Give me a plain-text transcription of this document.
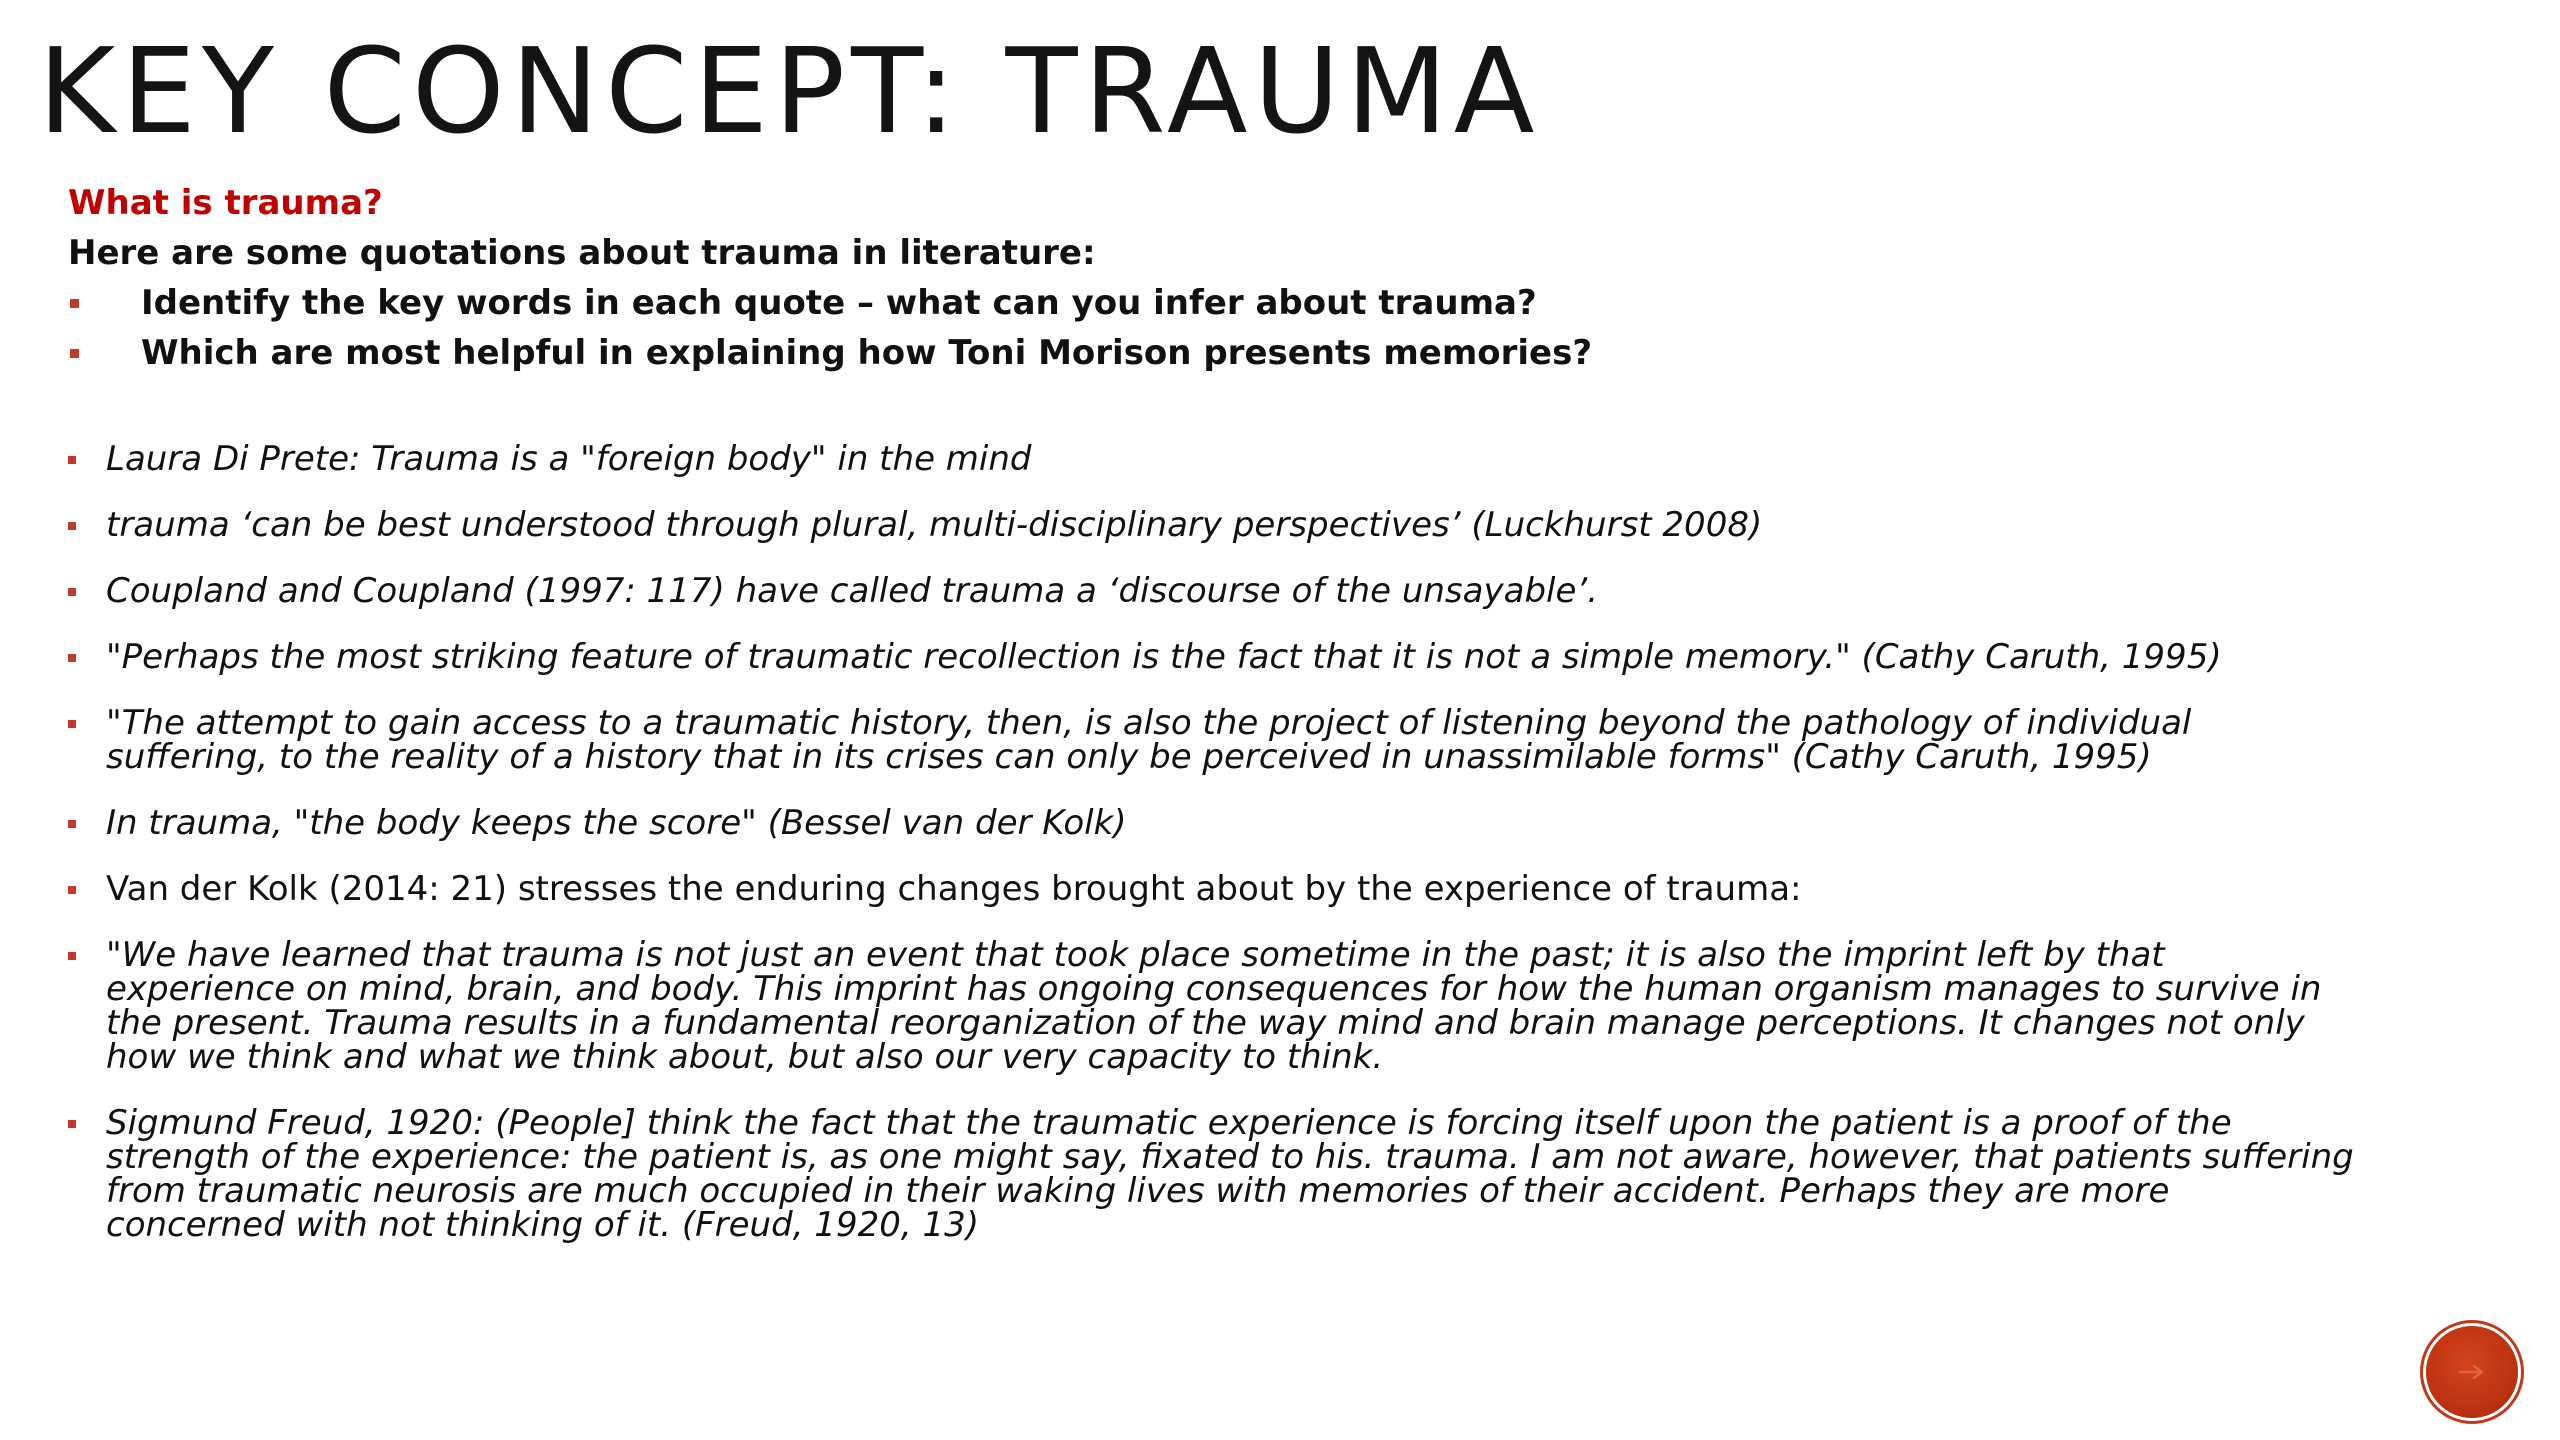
KEY CONCEPT: TRAUMA
What is trauma?
Here are some quotations about trauma in literature:
Identify the key words in each quote – what can you infer about trauma?
Which are most helpful in explaining how Toni Morison presents memories?
Laura Di Prete: Trauma is a "foreign body" in the mind
trauma ‘can be best understood through plural, multi-disciplinary perspectives’ (Luckhurst 2008)
Coupland and Coupland (1997: 117) have called trauma a ‘discourse of the unsayable’.
"Perhaps the most striking feature of traumatic recollection is the fact that it is not a simple memory." (Cathy Caruth, 1995)
"The attempt to gain access to a traumatic history, then, is also the project of listening beyond the pathology of individual suffering, to the reality of a history that in its crises can only be perceived in unassimilable forms" (Cathy Caruth, 1995)
In trauma, "the body keeps the score" (Bessel van der Kolk)
Van der Kolk (2014: 21) stresses the enduring changes brought about by the experience of trauma:
"We have learned that trauma is not just an event that took place sometime in the past; it is also the imprint left by that experience on mind, brain, and body. This imprint has ongoing consequences for how the human organism manages to survive in the present. Trauma results in a fundamental reorganization of the way mind and brain manage perceptions. It changes not only how we think and what we think about, but also our very capacity to think.
Sigmund Freud, 1920: (People] think the fact that the traumatic experience is forcing itself upon the patient is a proof of the strength of the experience: the patient is, as one might say, fixated to his. trauma. I am not aware, however, that patients suffering from traumatic neurosis are much occupied in their waking lives with memories of their accident. Perhaps they are more concerned with not thinking of it. (Freud, 1920, 13)
